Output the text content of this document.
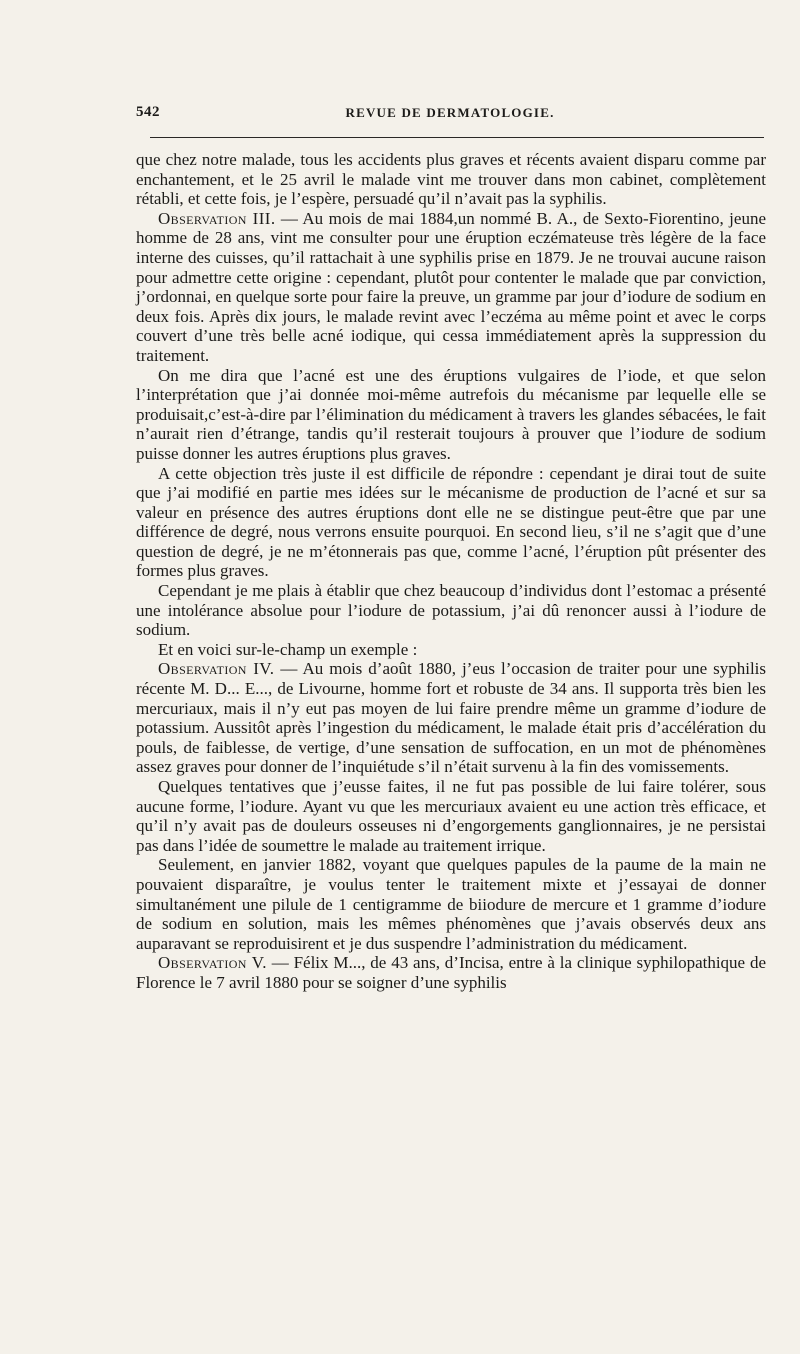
542	REVUE DE DERMATOLOGIE.

que chez notre malade, tous les accidents plus graves et récents avaient disparu comme par enchantement, et le 25 avril le malade vint me trouver dans mon cabinet, complètement rétabli, et cette fois, je l’espère, persuadé qu’il n’avait pas la syphilis.

Observation III. — Au mois de mai 1884,un nommé B. A., de Sexto-Fiorentino, jeune homme de 28 ans, vint me consulter pour une éruption eczémateuse très légère de la face interne des cuisses, qu’il rattachait à une syphilis prise en 1879. Je ne trouvai aucune raison pour admettre cette origine : cependant, plutôt pour contenter le malade que par conviction, j’ordonnai, en quelque sorte pour faire la preuve, un gramme par jour d’iodure de sodium en deux fois. Après dix jours, le malade revint avec l’eczéma au même point et avec le corps couvert d’une très belle acné iodique, qui cessa immédiatement après la suppression du traitement.

On me dira que l’acné est une des éruptions vulgaires de l’iode, et que selon l’interprétation que j’ai donnée moi-même autrefois du mécanisme par lequelle elle se produisait,c’est-à-dire par l’élimination du médicament à travers les glandes sébacées, le fait n’aurait rien d’étrange, tandis qu’il resterait toujours à prouver que l’iodure de sodium puisse donner les autres éruptions plus graves.

A cette objection très juste il est difficile de répondre : cependant je dirai tout de suite que j’ai modifié en partie mes idées sur le mécanisme de production de l’acné et sur sa valeur en présence des autres éruptions dont elle ne se distingue peut-être que par une différence de degré, nous verrons ensuite pourquoi. En second lieu, s’il ne s’agit que d’une question de degré, je ne m’étonnerais pas que, comme l’acné, l’éruption pût présenter des formes plus graves.

Cependant je me plais à établir que chez beaucoup d’individus dont l’estomac a présenté une intolérance absolue pour l’iodure de potassium, j’ai dû renoncer aussi à l’iodure de sodium.

Et en voici sur-le-champ un exemple :

Observation IV. — Au mois d’août 1880, j’eus l’occasion de traiter pour une syphilis récente M. D... E..., de Livourne, homme fort et robuste de 34 ans. Il supporta très bien les mercuriaux, mais il n’y eut pas moyen de lui faire prendre même un gramme d’iodure de potassium. Aussitôt après l’ingestion du médicament, le malade était pris d’accélération du pouls, de faiblesse, de vertige, d’une sensation de suffocation, en un mot de phénomènes assez graves pour donner de l’inquiétude s’il n’était survenu à la fin des vomissements.

Quelques tentatives que j’eusse faites, il ne fut pas possible de lui faire tolérer, sous aucune forme, l’iodure. Ayant vu que les mercuriaux avaient eu une action très efficace, et qu’il n’y avait pas de douleurs osseuses ni d’engorgements ganglionnaires, je ne persistai pas dans l’idée de soumettre le malade au traitement irrique.

Seulement, en janvier 1882, voyant que quelques papules de la paume de la main ne pouvaient disparaître, je voulus tenter le traitement mixte et j’essayai de donner simultanément une pilule de 1 centigramme de biiodure de mercure et 1 gramme d’iodure de sodium en solution, mais les mêmes phénomènes que j’avais observés deux ans auparavant se reproduisirent et je dus suspendre l’administration du médicament.

Observation V. — Félix M..., de 43 ans, d’Incisa, entre à la clinique syphilopathique de Florence le 7 avril 1880 pour se soigner d’une syphilis
